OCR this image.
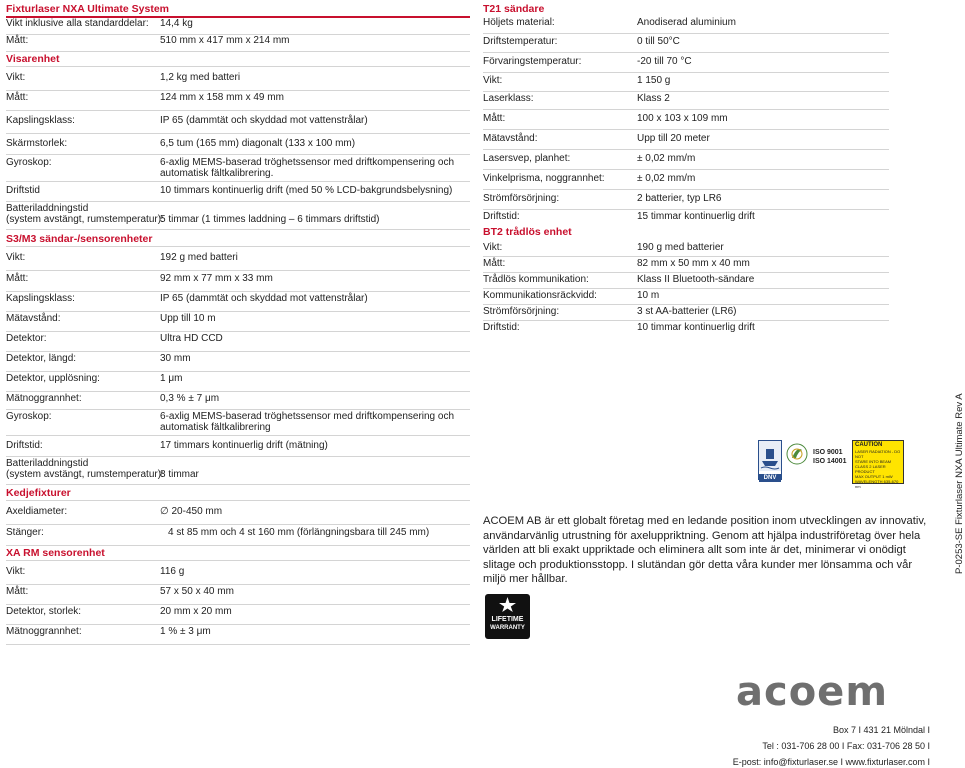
Fixturlaser NXA Ultimate System
Vikt inklusive alla standarddelar: 14,4 kg
Mått:	510 mm x 417 mm x 214 mm
Visarenhet
Vikt:	1,2 kg med batteri
Mått:	124 mm x 158 mm x 49 mm
Kapslingsklass:	IP 65 (dammtät och skyddad mot vattenstrålar)
Skärmstorlek:	6,5 tum (165 mm) diagonalt (133 x 100 mm)
Gyroskop:	6-axlig MEMS-baserad tröghetssensor med driftkompensering och
automatisk fältkalibrering.
Driftstid	10 timmars kontinuerlig drift (med 50 % LCD-bakgrundsbelysning)
Batteriladdningstid
(system avstängt, rumstemperatur):
5 timmar (1 timmes laddning – 6 timmars driftstid)
S3/M3 sändar-/sensorenheter
Vikt:	192 g med batteri
Mått:	92 mm x 77 mm x 33 mm
Kapslingsklass:	IP 65 (dammtät och skyddad mot vattenstrålar)
Mätavstånd:	Upp till 10 m
Detektor:	Ultra HD CCD
Detektor, längd:	30 mm
Detektor, upplösning:	1 μm
Mätnoggrannhet:	0,3 % ± 7 μm
Gyroskop:	6-axlig MEMS-baserad tröghetssensor med driftkompensering och
automatisk fältkalibrering
Driftstid:	17 timmars kontinuerlig drift (mätning)
Batteriladdningstid
(system avstängt, rumstemperatur):
8 timmar
Kedjefixturer
Axeldiameter:	∅ 20-450 mm
Stänger:	4 st 85 mm och 4 st 160 mm (förlängningsbara till 245 mm)
XA RM sensorenhet
Vikt:	116 g
Mått:	57 x 50 x 40 mm
Detektor, storlek:	20 mm x 20 mm
Mätnoggrannhet:	1 % ± 3 μm
T21 sändare
Höljets material:	Anodiserad aluminium
Driftstemperatur:	0 till 50°C
Förvaringstemperatur:	-20 till 70 °C
Vikt:	1 150 g
Laserklass:	Klass 2
Mått:	100 x 103 x 109 mm
Mätavstånd:	Upp till 20 meter
Lasersvep, planhet:	± 0,02 mm/m
Vinkelprisma, noggrannhet:	± 0,02 mm/m
Strömförsörjning:	2 batterier, typ LR6
Driftstid:	15 timmar kontinuerlig drift
BT2 trådlös enhet
Vikt:	190 g med batterier
Mått:	82 mm x 50 mm x 40 mm
Trådlös kommunikation:	Klass II Bluetooth-sändare
Kommunikationsräckvidd:	10 m
Strömförsörjning:	3 st AA-batterier (LR6)
Driftstid:	10 timmar kontinuerlig drift
DNV
ISO 9001
ISO 14001
CAUTION
LASER RADIATION - DO NOT
STARE INTO BEAM
CLASS 2 LASER PRODUCT
MAX OUTPUT 1 mW
WAVELENGTH 635-670 nm
ACOEM AB är ett globalt företag med en ledande position inom utvecklingen av innovativ, användarvänlig utrustning för axeluppriktning. Genom att hjälpa industriföretag över hela världen att bli exakt uppriktade och eliminera allt som inte är det, minimerar vi onödigt slitage och produktionsstopp. I slutändan gör detta våra kunder mer lönsamma och vår miljö mer hållbar.
P-0253-SE Fixturlaser NXA Ultimate Rev A
LIFETIME
WARRANTY
acoem
Box 7 I 431 21 Mölndal I
Tel : 031-706 28 00 I Fax: 031-706 28 50 I
E-post: info@fixturlaser.se I www.fixturlaser.com I
